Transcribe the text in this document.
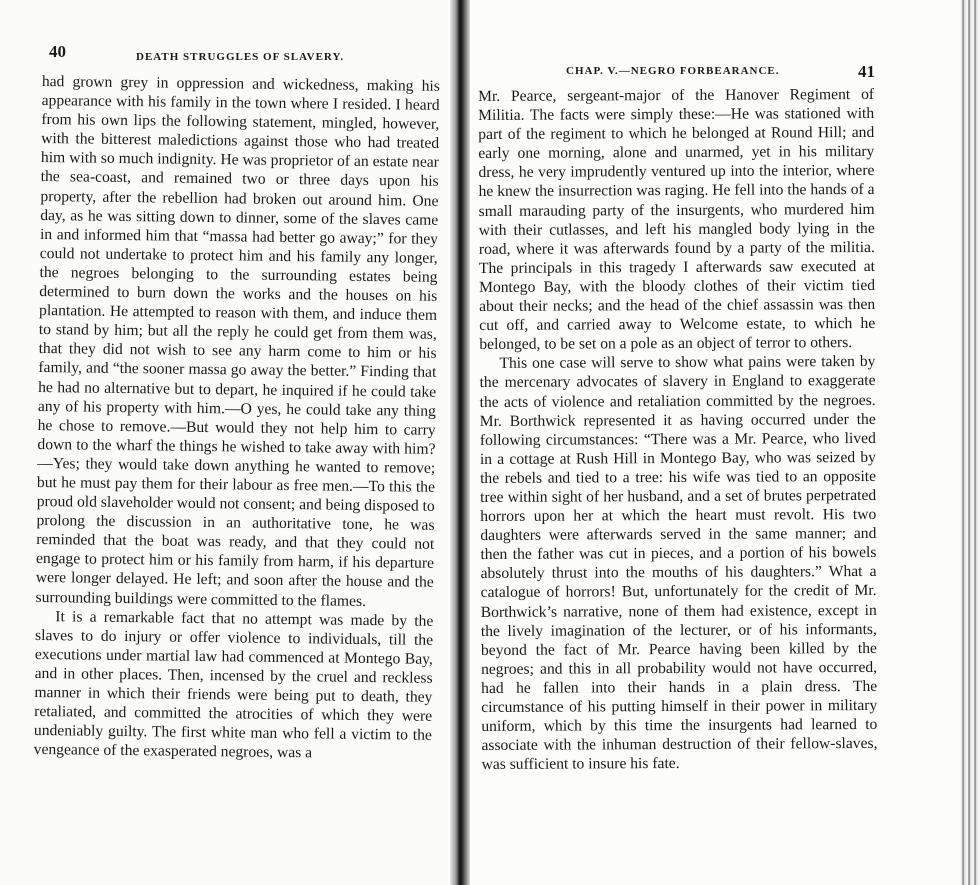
40	DEATH STRUGGLES OF SLAVERY.

had grown grey in oppression and wickedness, making his appearance with his family in the town where I resided. I heard from his own lips the following statement, mingled, however, with the bitterest maledictions against those who had treated him with so much indignity. He was proprietor of an estate near the sea-coast, and remained two or three days upon his property, after the rebellion had broken out around him. One day, as he was sitting down to dinner, some of the slaves came in and informed him that “massa had better go away;” for they could not undertake to protect him and his family any longer, the negroes belonging to the surrounding estates being determined to burn down the works and the houses on his plantation. He attempted to reason with them, and induce them to stand by him; but all the reply he could get from them was, that they did not wish to see any harm come to him or his family, and “the sooner massa go away the better.” Finding that he had no alternative but to depart, he inquired if he could take any of his property with him.—O yes, he could take any thing he chose to remove.—But would they not help him to carry down to the wharf the things he wished to take away with him?—Yes; they would take down anything he wanted to remove; but he must pay them for their labour as free men.—To this the proud old slaveholder would not consent; and being disposed to prolong the discussion in an authoritative tone, he was reminded that the boat was ready, and that they could not engage to protect him or his family from harm, if his departure were longer delayed. He left; and soon after the house and the surrounding buildings were committed to the flames.

It is a remarkable fact that no attempt was made by the slaves to do injury or offer violence to individuals, till the executions under martial law had commenced at Montego Bay, and in other places. Then, incensed by the cruel and reckless manner in which their friends were being put to death, they retaliated, and committed the atrocities of which they were undeniably guilty. The first white man who fell a victim to the vengeance of the exasperated negroes, was a

CHAP. V.—NEGRO FORBEARANCE.	41

Mr. Pearce, sergeant-major of the Hanover Regiment of Militia. The facts were simply these:—He was stationed with part of the regiment to which he belonged at Round Hill; and early one morning, alone and unarmed, yet in his military dress, he very imprudently ventured up into the interior, where he knew the insurrection was raging. He fell into the hands of a small marauding party of the insurgents, who murdered him with their cutlasses, and left his mangled body lying in the road, where it was afterwards found by a party of the militia. The principals in this tragedy I afterwards saw executed at Montego Bay, with the bloody clothes of their victim tied about their necks; and the head of the chief assassin was then cut off, and carried away to Welcome estate, to which he belonged, to be set on a pole as an object of terror to others.

This one case will serve to show what pains were taken by the mercenary advocates of slavery in England to exaggerate the acts of violence and retaliation committed by the negroes. Mr. Borthwick represented it as having occurred under the following circumstances: “There was a Mr. Pearce, who lived in a cottage at Rush Hill in Montego Bay, who was seized by the rebels and tied to a tree: his wife was tied to an opposite tree within sight of her husband, and a set of brutes perpetrated horrors upon her at which the heart must revolt. His two daughters were afterwards served in the same manner; and then the father was cut in pieces, and a portion of his bowels absolutely thrust into the mouths of his daughters.” What a catalogue of horrors! But, unfortunately for the credit of Mr. Borthwick’s narrative, none of them had existence, except in the lively imagination of the lecturer, or of his informants, beyond the fact of Mr. Pearce having been killed by the negroes; and this in all probability would not have occurred, had he fallen into their hands in a plain dress. The circumstance of his putting himself in their power in military uniform, which by this time the insurgents had learned to associate with the inhuman destruction of their fellow-slaves, was sufficient to insure his fate.
